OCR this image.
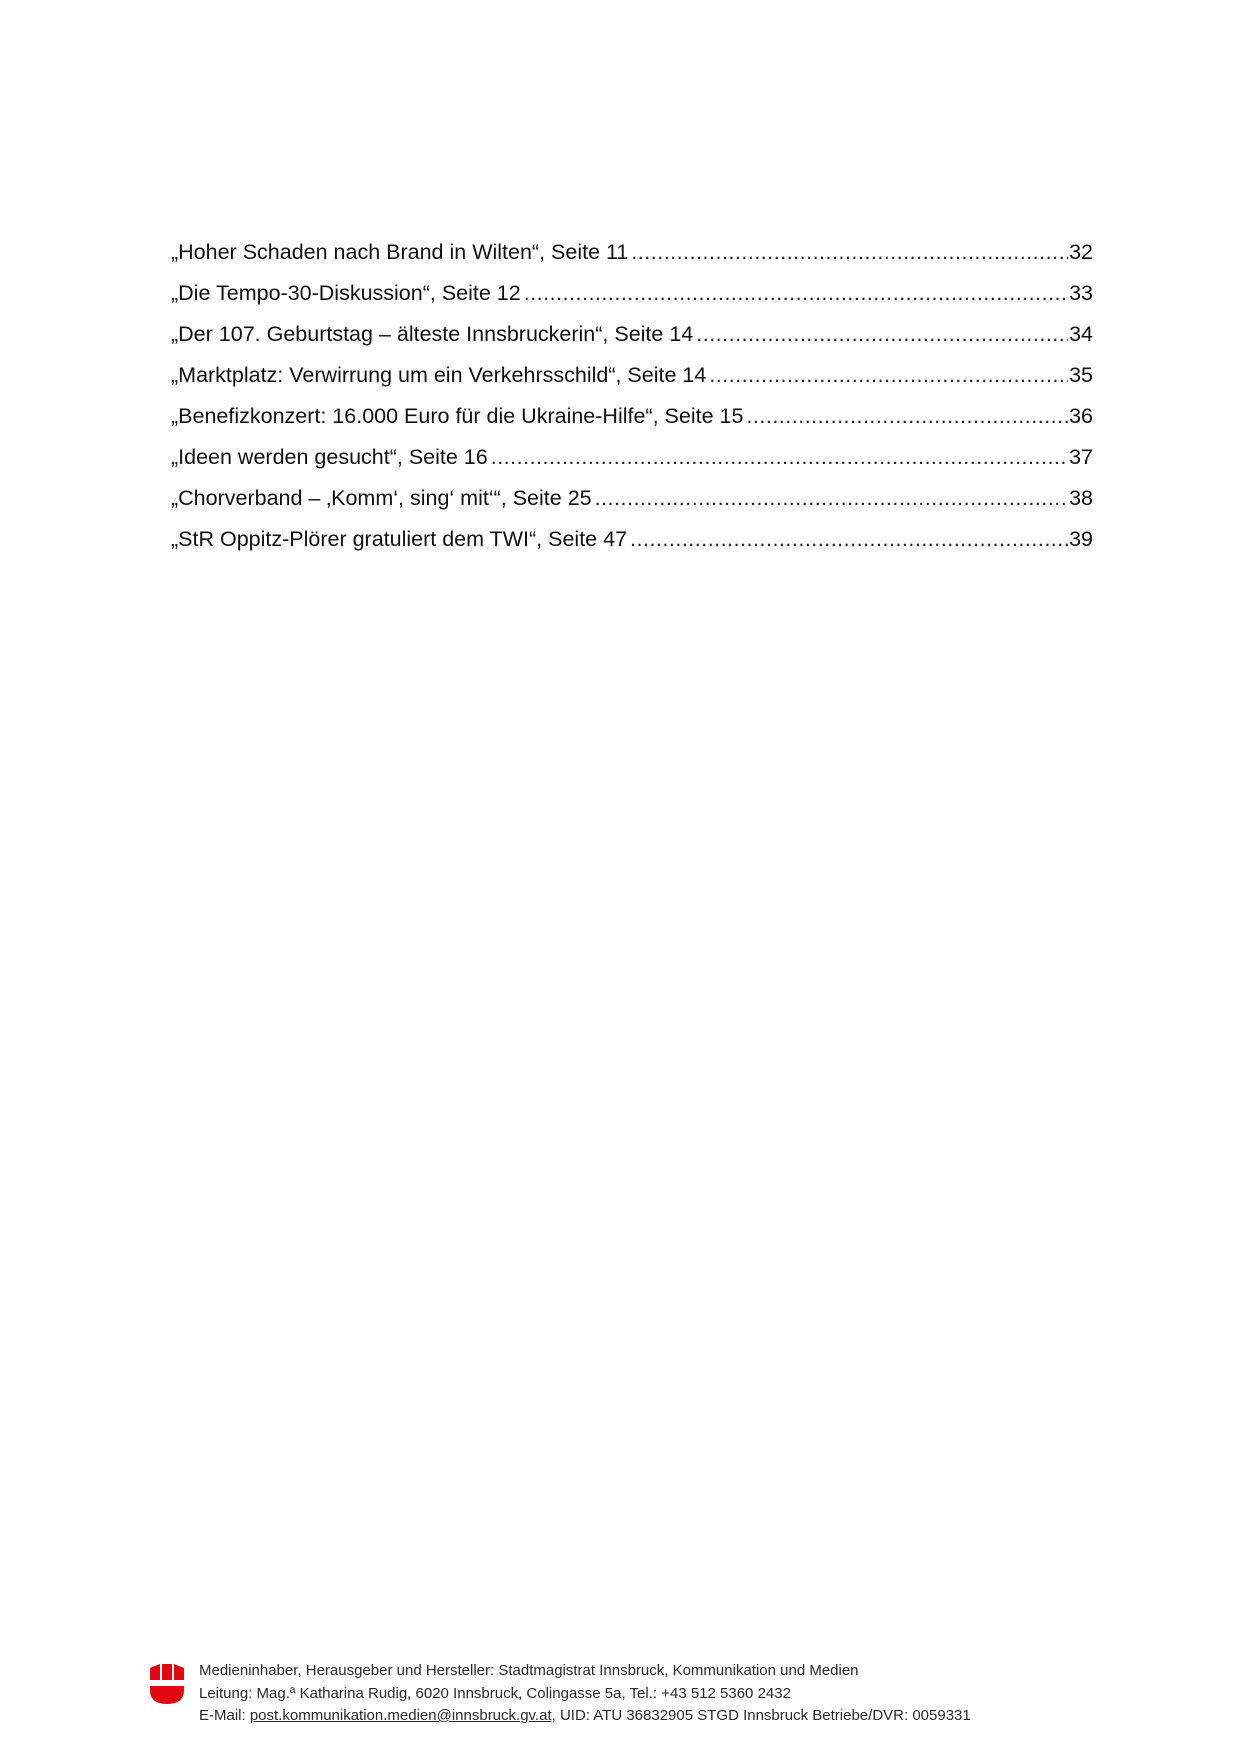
„Hoher Schaden nach Brand in Wilten“, Seite 11 .....	32
„Die Tempo-30-Diskussion“, Seite 12 .....	33
„Der 107. Geburtstag – älteste Innsbruckerin“, Seite 14 .....	34
„Marktplatz: Verwirrung um ein Verkehrsschild“, Seite 14 .....	35
„Benefizkonzert: 16.000 Euro für die Ukraine-Hilfe“, Seite 15 .....	36
„Ideen werden gesucht“, Seite 16 .....	37
„Chorverband – ‚Komm‘, sing‘ mit‘“, Seite 25 .....	38
„StR Oppitz-Plörer gratuliert dem TWI“, Seite 47 .....	39
Medieninhaber, Herausgeber und Hersteller: Stadtmagistrat Innsbruck, Kommunikation und Medien
Leitung: Mag.ª Katharina Rudig, 6020 Innsbruck, Colingasse 5a, Tel.: +43 512 5360 2432
E-Mail: post.kommunikation.medien@innsbruck.gv.at, UID: ATU 36832905 STGD Innsbruck Betriebe/DVR: 0059331
